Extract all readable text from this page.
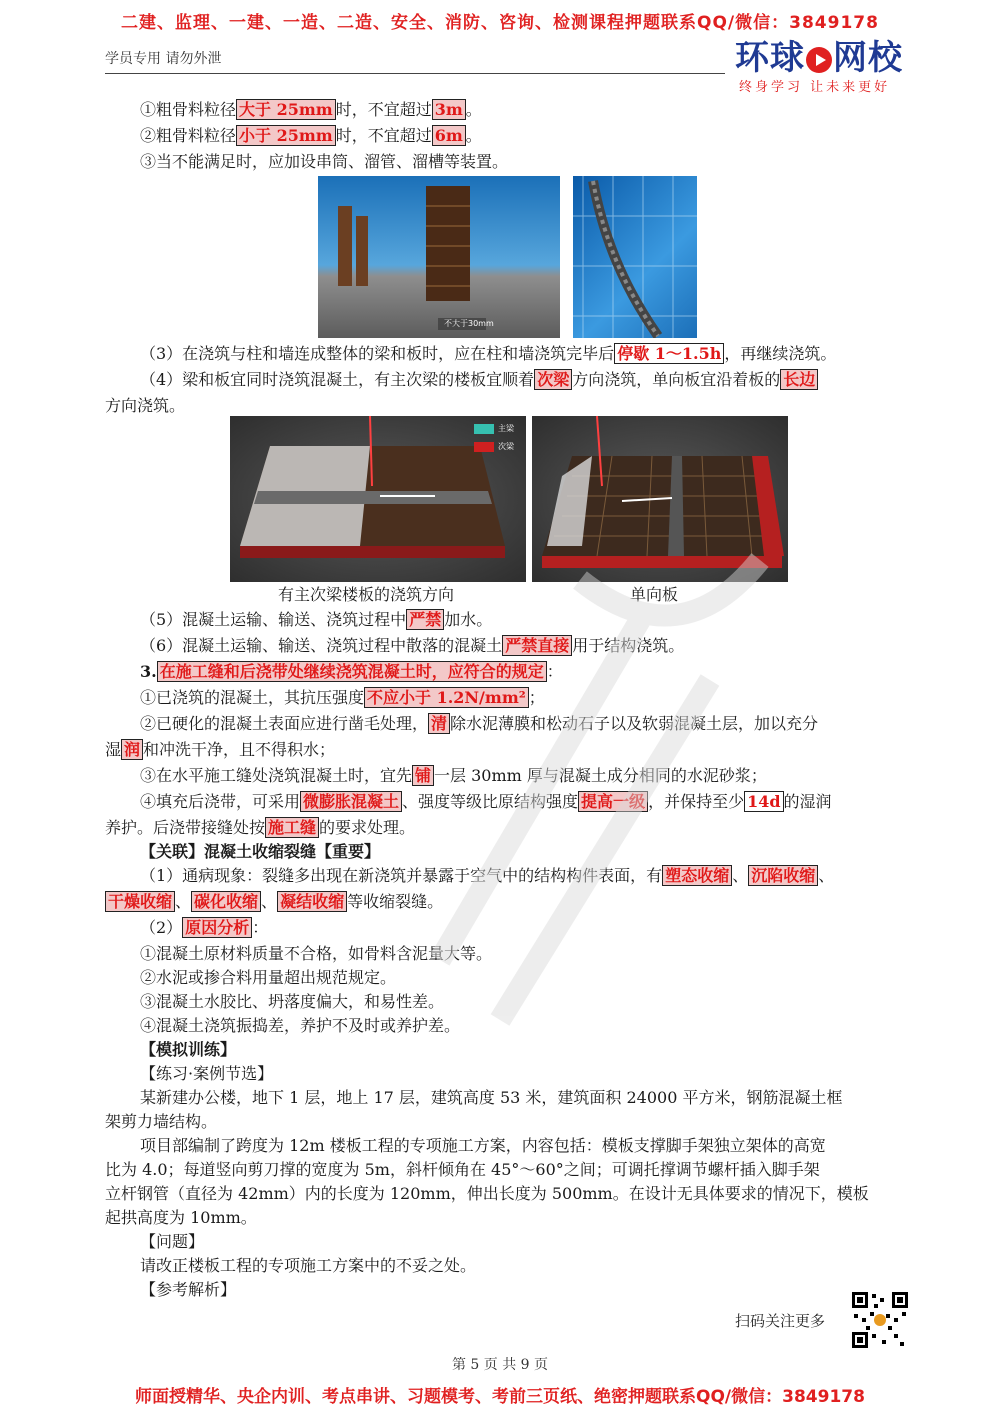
二建、监理、一建、一造、二造、安全、消防、咨询、检测课程押题联系QQ/微信：3849178
学员专用 请勿外泄	环球 网校
终身学习 让未来更好
①粗骨料粒径 大于 25mm 时，不宜超过 3m 。
②粗骨料粒径 小于 25mm 时，不宜超过 6m 。
③当不能满足时，应加设串筒、溜管、溜槽等装置。
不大于30mm
（3）在浇筑与柱和墙连成整体的梁和板时，应在柱和墙浇筑完毕后 停歇 1～1.5h ，再继续浇筑。
（4）梁和板宜同时浇筑混凝土，有主次梁的楼板宜顺着 次梁 方向浇筑，单向板宜沿着板的 长边
方向浇筑。
主梁
次梁
有主次梁楼板的浇筑方向	单向板
（5）混凝土运输、输送、浇筑过程中 严禁 加水。
（6）混凝土运输、输送、浇筑过程中散落的混凝土 严禁直接 用于结构浇筑。
3. 在施工缝和后浇带处继续浇筑混凝土时，应符合的规定 ：
①已浇筑的混凝土，其抗压强度 不应小于 1.2N/mm² ；
②已硬化的混凝土表面应进行凿毛处理， 清 除水泥薄膜和松动石子以及软弱混凝土层，加以充分
湿 润 和冲洗干净，且不得积水；
③在水平施工缝处浇筑混凝土时，宜先 铺 一层 30mm 厚与混凝土成分相同的水泥砂浆；
④填充后浇带，可采用 微膨胀混凝土 、强度等级比原结构强度 提高一级 ，并保持至少 14d 的湿润
养护。后浇带接缝处按 施工缝 的要求处理。
【关联】混凝土收缩裂缝【重要】
（1）通病现象：裂缝多出现在新浇筑并暴露于空气中的结构构件表面，有 塑态收缩 、 沉陷收缩 、
干燥收缩 、 碳化收缩 、 凝结收缩 等收缩裂缝。
（2） 原因分析 ：
①混凝土原材料质量不合格，如骨料含泥量大等。
②水泥或掺合料用量超出规范规定。
③混凝土水胶比、坍落度偏大，和易性差。
④混凝土浇筑振捣差，养护不及时或养护差。
【模拟训练】
【练习·案例节选】
某新建办公楼，地下 1 层，地上 17 层，建筑高度 53 米，建筑面积 24000 平方米，钢筋混凝土框
架剪力墙结构。
项目部编制了跨度为 12m 楼板工程的专项施工方案，内容包括：模板支撑脚手架独立架体的高宽
比为 4.0；每道竖向剪刀撑的宽度为 5m，斜杆倾角在 45°～60°之间；可调托撑调节螺杆插入脚手架
立杆钢管（直径为 42mm）内的长度为 120mm，伸出长度为 500mm。在设计无具体要求的情况下，模板
起拱高度为 10mm。
【问题】
请改正楼板工程的专项施工方案中的不妥之处。
【参考解析】
扫码关注更多
第 5 页 共 9 页
师面授精华、央企内训、考点串讲、习题模考、考前三页纸、绝密押题联系QQ/微信：3849178
